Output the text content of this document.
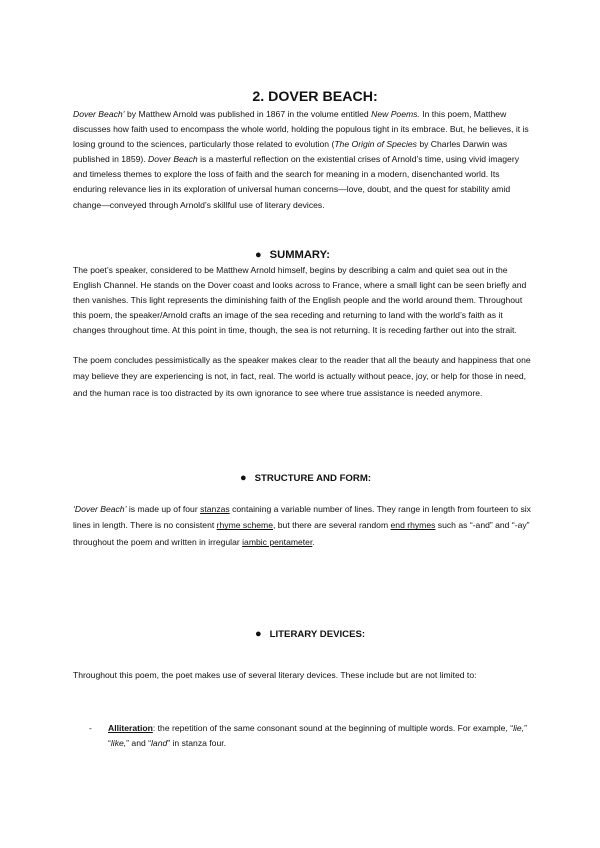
2. DOVER BEACH:

Dover Beach’ by Matthew Arnold was published in 1867 in the volume entitled New Poems. In this poem, Matthew discusses how faith used to encompass the whole world, holding the populous tight in its embrace. But, he believes, it is losing ground to the sciences, particularly those related to evolution (The Origin of Species by Charles Darwin was published in 1859). Dover Beach is a masterful reflection on the existential crises of Arnold’s time, using vivid imagery and timeless themes to explore the loss of faith and the search for meaning in a modern, disenchanted world. Its enduring relevance lies in its exploration of universal human concerns—love, doubt, and the quest for stability amid change—conveyed through Arnold’s skillful use of literary devices.

● SUMMARY:

The poet’s speaker, considered to be Matthew Arnold himself, begins by describing a calm and quiet sea out in the English Channel. He stands on the Dover coast and looks across to France, where a small light can be seen briefly and then vanishes. This light represents the diminishing faith of the English people and the world around them. Throughout this poem, the speaker/Arnold crafts an image of the sea receding and returning to land with the world’s faith as it changes throughout time. At this point in time, though, the sea is not returning. It is receding farther out into the strait.

The poem concludes pessimistically as the speaker makes clear to the reader that all the beauty and happiness that one may believe they are experiencing is not, in fact, real. The world is actually without peace, joy, or help for those in need, and the human race is too distracted by its own ignorance to see where true assistance is needed anymore.

● STRUCTURE AND FORM:

‘Dover Beach’ is made up of four stanzas containing a variable number of lines. They range in length from fourteen to six lines in length. There is no consistent rhyme scheme, but there are several random end rhymes such as “-and” and “-ay” throughout the poem and written in irregular iambic pentameter.

● LITERARY DEVICES:

Throughout this poem, the poet makes use of several literary devices. These include but are not limited to:

- Alliteration: the repetition of the same consonant sound at the beginning of multiple words. For example, “lie,” “like,” and “land” in stanza four.
